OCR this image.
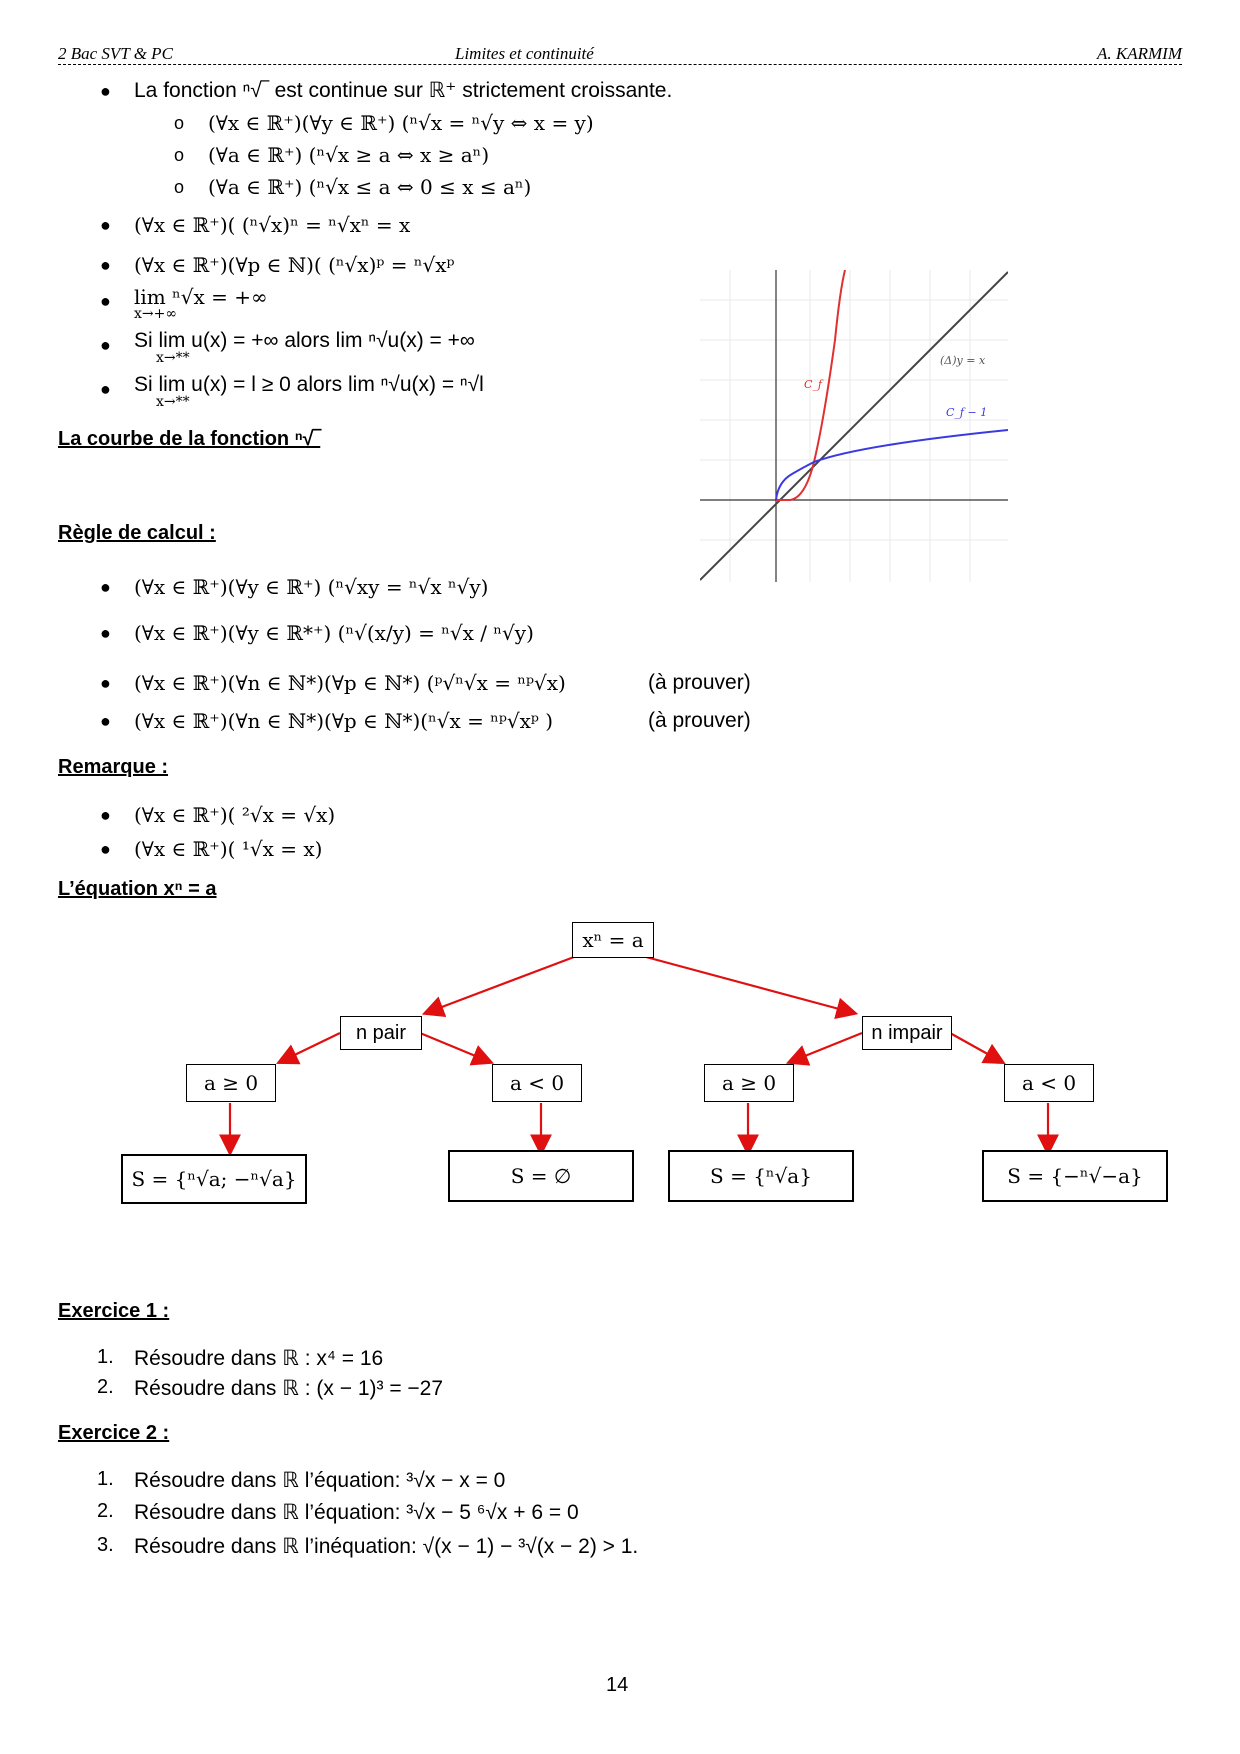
2 Bac SVT & PC	Limites et continuité	A. KARMIM
● La fonction ⁿ√‾ est continue sur ℝ⁺ strictement croissante.
o (∀x ∈ ℝ⁺)(∀y ∈ ℝ⁺) (ⁿ√x = ⁿ√y ⇔ x = y)
o (∀a ∈ ℝ⁺) (ⁿ√x ≥ a ⇔ x ≥ aⁿ)
o (∀a ∈ ℝ⁺) (ⁿ√x ≤ a ⇔ 0 ≤ x ≤ aⁿ)
● (∀x ∈ ℝ⁺)( (ⁿ√x)ⁿ = ⁿ√xⁿ = x
● (∀x ∈ ℝ⁺)(∀p ∈ ℕ)( (ⁿ√x)ᵖ = ⁿ√xᵖ
● lim ⁿ√x = +∞
x→+∞
● Si lim u(x) = +∞ alors lim ⁿ√u(x) = +∞
x→**
● Si lim u(x) = l ≥ 0 alors lim ⁿ√u(x) = ⁿ√l
x→**
C_f
(Δ)y = x
C_f − 1
La courbe de la fonction ⁿ√‾
Règle de calcul :
● (∀x ∈ ℝ⁺)(∀y ∈ ℝ⁺) (ⁿ√xy = ⁿ√x ⁿ√y)
● (∀x ∈ ℝ⁺)(∀y ∈ ℝ*⁺) (ⁿ√(x/y) = ⁿ√x / ⁿ√y)
● (∀x ∈ ℝ⁺)(∀n ∈ ℕ*)(∀p ∈ ℕ*) (ᵖ√ⁿ√x = ⁿᵖ√x)	(à prouver)
● (∀x ∈ ℝ⁺)(∀n ∈ ℕ*)(∀p ∈ ℕ*)(ⁿ√x = ⁿᵖ√xᵖ )	(à prouver)
Remarque :
● (∀x ∈ ℝ⁺)( ²√x = √x)
● (∀x ∈ ℝ⁺)( ¹√x = x)
L’équation xⁿ = a
xⁿ = a
n pair	n impair
a ≥ 0	a < 0	a ≥ 0	a < 0
S = {ⁿ√a; −ⁿ√a}	S = ∅	S = {ⁿ√a}	S = {−ⁿ√−a}
Exercice 1 :
1. Résoudre dans ℝ : x⁴ = 16
2. Résoudre dans ℝ : (x − 1)³ = −27
Exercice 2 :
1. Résoudre dans ℝ l’équation: ³√x − x = 0
2. Résoudre dans ℝ l’équation: ³√x − 5 ⁶√x + 6 = 0
3. Résoudre dans ℝ l’inéquation: √(x − 1) − ³√(x − 2) > 1.
14
